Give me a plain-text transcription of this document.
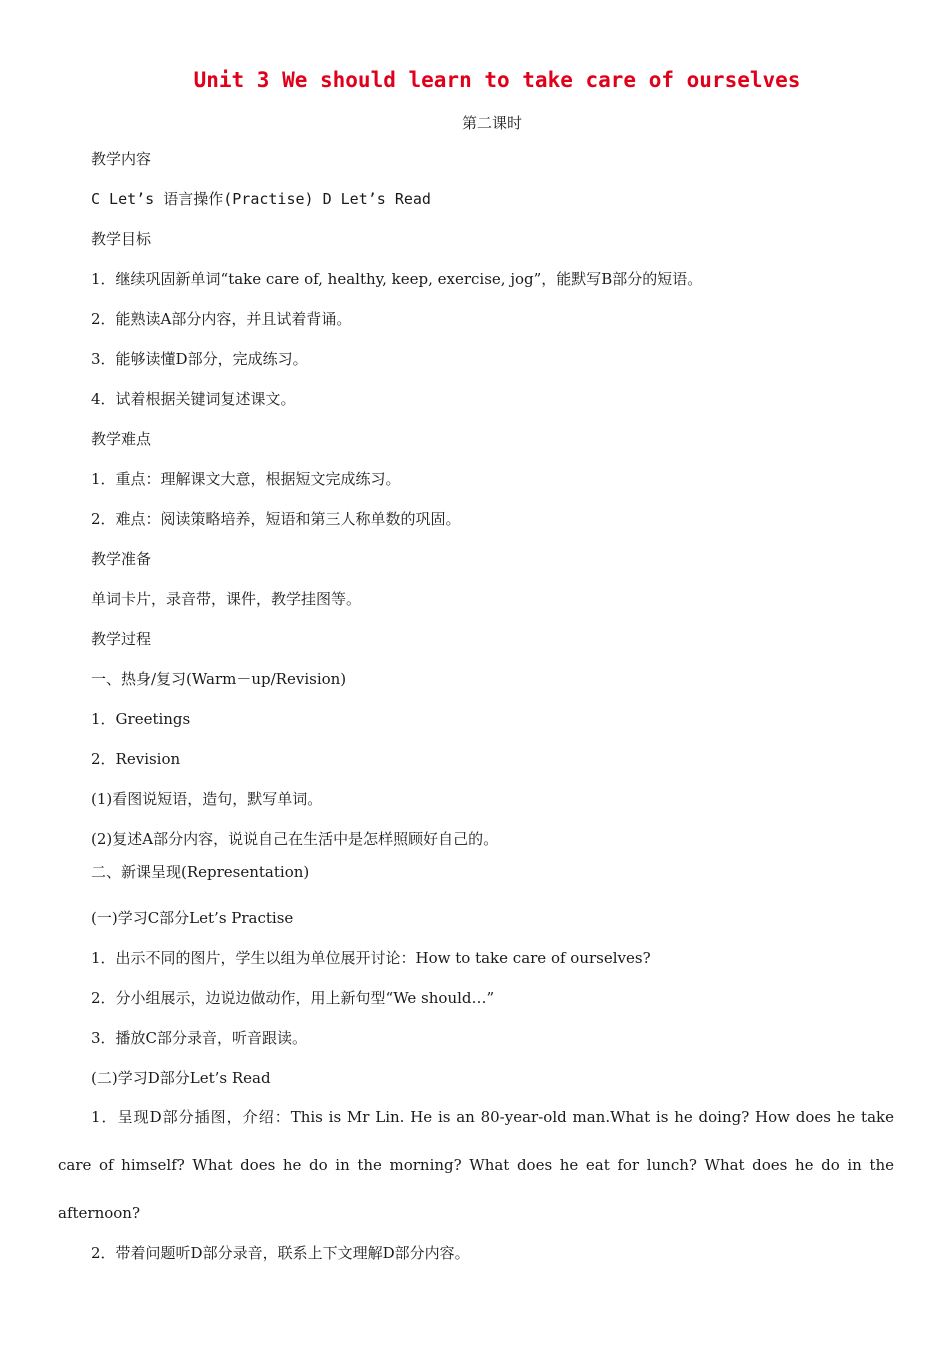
Unit 3 We should learn to take care of ourselves
第二课时
教学内容
C Let’s 语言操作(Practise) D Let’s Read
教学目标
1．继续巩固新单词“take care of, healthy, keep, exercise, jog”，能默写B部分的短语。
2．能熟读A部分内容，并且试着背诵。
3．能够读懂D部分，完成练习。
4．试着根据关键词复述课文。
教学难点
1．重点：理解课文大意，根据短文完成练习。
2．难点：阅读策略培养，短语和第三人称单数的巩固。
教学准备
单词卡片，录音带，课件，教学挂图等。
教学过程
一、热身/复习(Warm－up/Revision)
1．Greetings
2．Revision
(1)看图说短语，造句，默写单词。
(2)复述A部分内容，说说自己在生活中是怎样照顾好自己的。
二、新课呈现(Representation)
(一)学习C部分Let’s Practise
1．出示不同的图片，学生以组为单位展开讨论：How to take care of ourselves?
2．分小组展示，边说边做动作，用上新句型“We should…”
3．播放C部分录音，听音跟读。
(二)学习D部分Let’s Read
1．呈现D部分插图，介绍：This is Mr Lin. He is an 80-year-old man.What is he doing? How does he take care of himself? What does he do in the morning? What does he eat for lunch? What does he do in the afternoon?
2．带着问题听D部分录音，联系上下文理解D部分内容。
